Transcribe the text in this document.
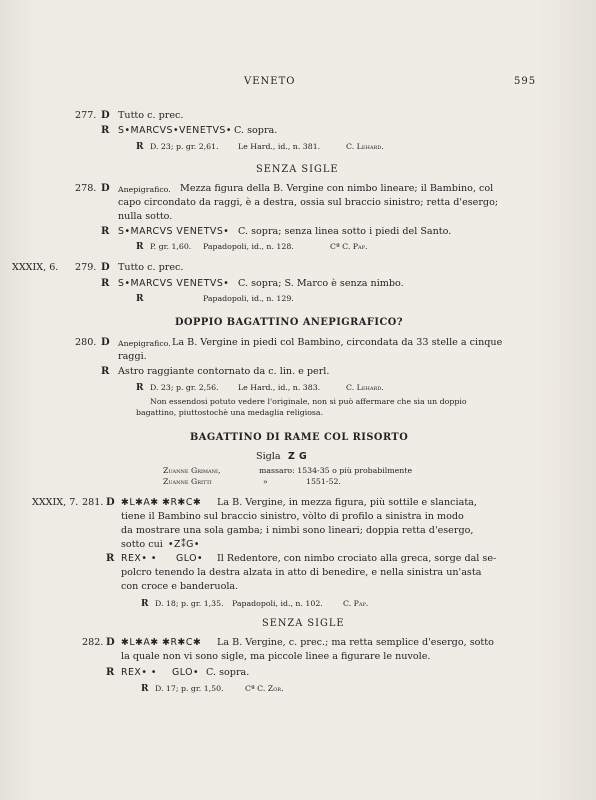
VENETO	595
277. D Tutto c. prec.
R S•MARCVS•VENETVS• C. sopra.
R D. 23; p. gr. 2,61. Le Hard., id., n. 381.	C. Lehard.
SENZA SIGLE
278. D Anepigrafico. Mezza figura della B. Vergine con nimbo lineare; il Bambino, col
capo circondato da raggi, è a destra, ossia sul braccio sinistro; retta d'esergo;
nulla sotto.
R S•MARCVS VENETVS• C. sopra; senza linea sotto i piedi del Santo.
R P. gr. 1,60. Papadopoli, id., n. 128.	Cª C. Pap.
XXXIX, 6. 279. D Tutto c. prec.
R S•MARCVS VENETVS• C. sopra; S. Marco è senza nimbo.
R	Papadopoli, id., n. 129.
DOPPIO BAGATTINO ANEPIGRAFICO?
280. D Anepigrafico. La B. Vergine in piedi col Bambino, circondata da 33 stelle a cinque
raggi.
R Astro raggiante contornato da c. lin. e perl.
R D. 23; p. gr. 2,56. Le Hard., id., n. 383.	C. Lehard.
Non essendosi potuto vedere l'originale, non si può affermare che sia un doppio
bagattino, piuttostochè una medaglia religiosa.
BAGATTINO DI RAME COL RISORTO
Sigla Z G
Zuanne Grimani,	massaro: 1534-35 o più probabilmente
Zuanne Gritti	»	1551-52.
XXXIX, 7. 281. D ✱L✱A✱ ✱R✱C✱ La B. Vergine, in mezza figura, più sottile e slanciata,
tiene il Bambino sul braccio sinistro, vòlto di profilo a sinistra in modo
da mostrare una sola gamba; i nimbi sono lineari; doppia retta d'esergo,
sotto cui •Z⁑G•
R REX• • GLO• Il Redentore, con nimbo crociato alla greca, sorge dal se-
polcro tenendo la destra alzata in atto di benedire, e nella sinistra un'asta
con croce e banderuola.
R D. 18; p. gr. 1,35. Papadopoli, id., n. 102.	C. Pap.
SENZA SIGLE
282. D ✱L✱A✱ ✱R✱C✱ La B. Vergine, c. prec.; ma retta semplice d'esergo, sotto
la quale non vi sono sigle, ma piccole linee a figurare le nuvole.
R REX• • GLO• C. sopra.
R D. 17; p. gr. 1,50.	Cª C. Zor.
